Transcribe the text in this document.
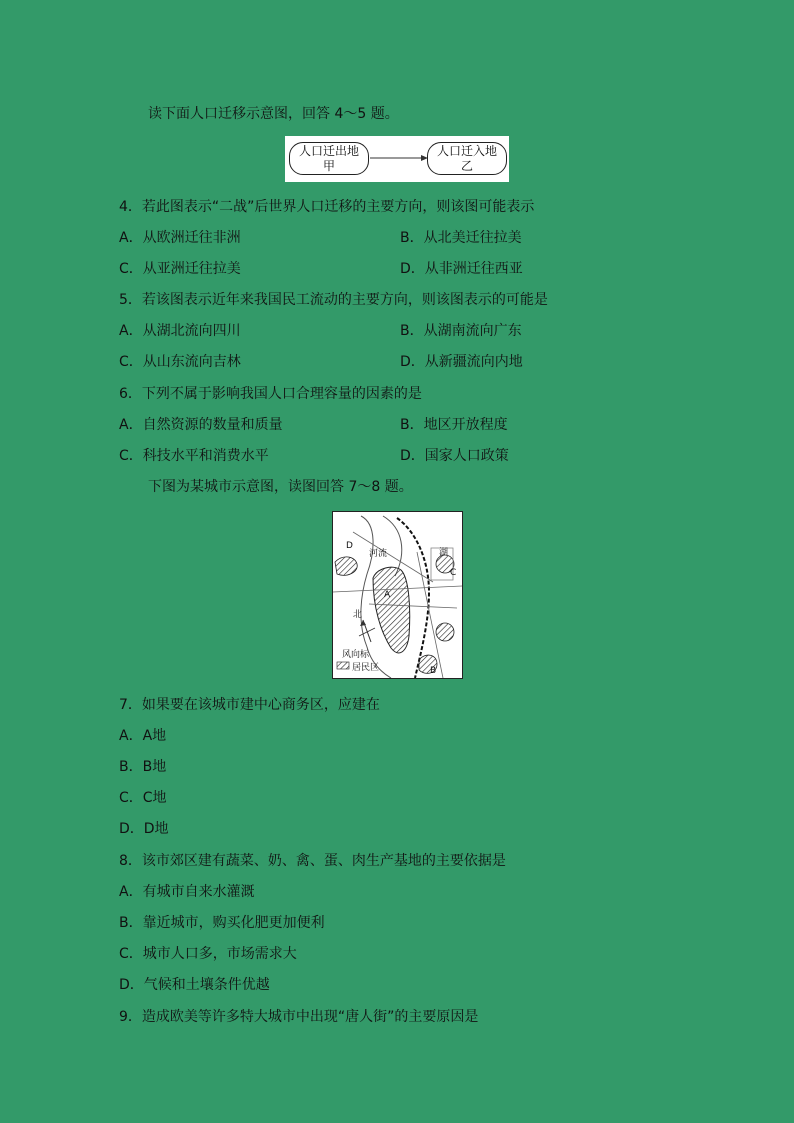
读下面人口迁移示意图，回答 4～5 题。
人口迁出地
甲
人口迁入地
乙
4．若此图表示“二战”后世界人口迁移的主要方向，则该图可能表示
A．从欧洲迁往非洲	B．从北美迁往拉美
C．从亚洲迁往拉美	D．从非洲迁往西亚
5．若该图表示近年来我国民工流动的主要方向，则该图表示的可能是
A．从湖北流向四川	B．从湖南流向广东
C．从山东流向吉林	D．从新疆流向内地
6．下列不属于影响我国人口合理容量的因素的是
A．自然资源的数量和质量	B．地区开放程度
C．科技水平和消费水平	D．国家人口政策
下图为某城市示意图，读图回答 7～8 题。
D
河流	湖
C
A
北
B
风向标
居民区
7．如果要在该城市建中心商务区，应建在
A．A地
B．B地
C．C地
D．D地
8．该市郊区建有蔬菜、奶、禽、蛋、肉生产基地的主要依据是
A．有城市自来水灌溉
B．靠近城市，购买化肥更加便利
C．城市人口多，市场需求大
D．气候和土壤条件优越
9．造成欧美等许多特大城市中出现“唐人街”的主要原因是
